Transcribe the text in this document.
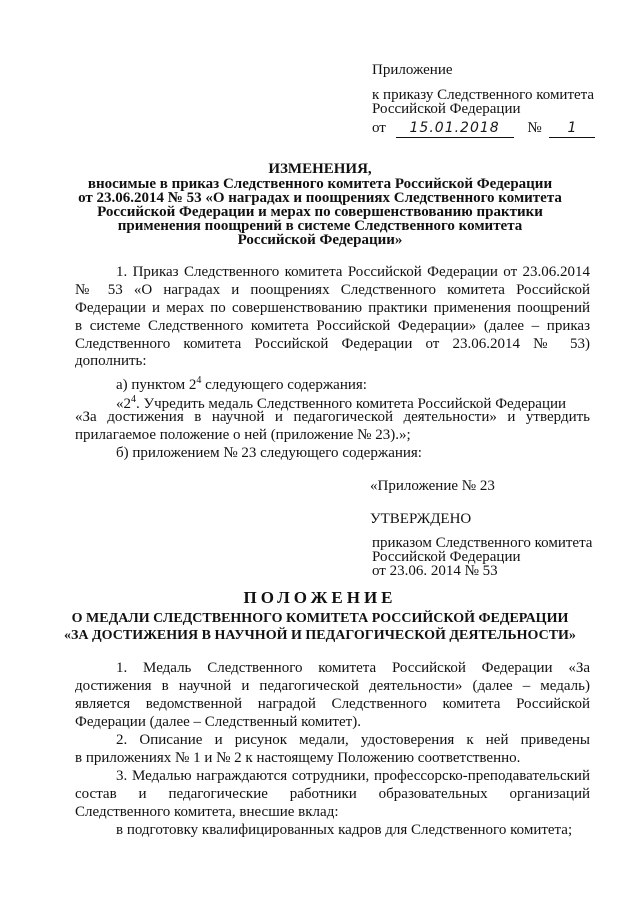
Приложение
к приказу Следственного комитета
Российской Федерации
от 15.01.2018 № 1
ИЗМЕНЕНИЯ,
вносимые в приказ Следственного комитета Российской Федерации
от 23.06.2014 № 53 «О наградах и поощрениях Следственного комитета
Российской Федерации и мерах по совершенствованию практики
применения поощрений в системе Следственного комитета
Российской Федерации»
1. Приказ Следственного комитета Российской Федерации от 23.06.2014
№ 53 «О наградах и поощрениях Следственного комитета Российской
Федерации и мерах по совершенствованию практики применения поощрений
в системе Следственного комитета Российской Федерации» (далее – приказ
Следственного комитета Российской Федерации от 23.06.2014 № 53)
дополнить:
а) пунктом $2^4$ следующего содержания:
«$2^4$. Учредить медаль Следственного комитета Российской Федерации
«За достижения в научной и педагогической деятельности» и утвердить
прилагаемое положение о ней (приложение № 23).»;
б) приложением № 23 следующего содержания:
«Приложение № 23
УТВЕРЖДЕНО
приказом Следственного комитета
Российской Федерации
от 23.06. 2014 № 53
ПОЛОЖЕНИЕ
О МЕДАЛИ СЛЕДСТВЕННОГО КОМИТЕТА РОССИЙСКОЙ ФЕДЕРАЦИИ
«ЗА ДОСТИЖЕНИЯ В НАУЧНОЙ И ПЕДАГОГИЧЕСКОЙ ДЕЯТЕЛЬНОСТИ»
1. Медаль Следственного комитета Российской Федерации «За
достижения в научной и педагогической деятельности» (далее – медаль)
является ведомственной наградой Следственного комитета Российской
Федерации (далее – Следственный комитет).
2. Описание и рисунок медали, удостоверения к ней приведены
в приложениях № 1 и № 2 к настоящему Положению соответственно.
3. Медалью награждаются сотрудники, профессорско-преподавательский
состав и педагогические работники образовательных организаций
Следственного комитета, внесшие вклад:
в подготовку квалифицированных кадров для Следственного комитета;
